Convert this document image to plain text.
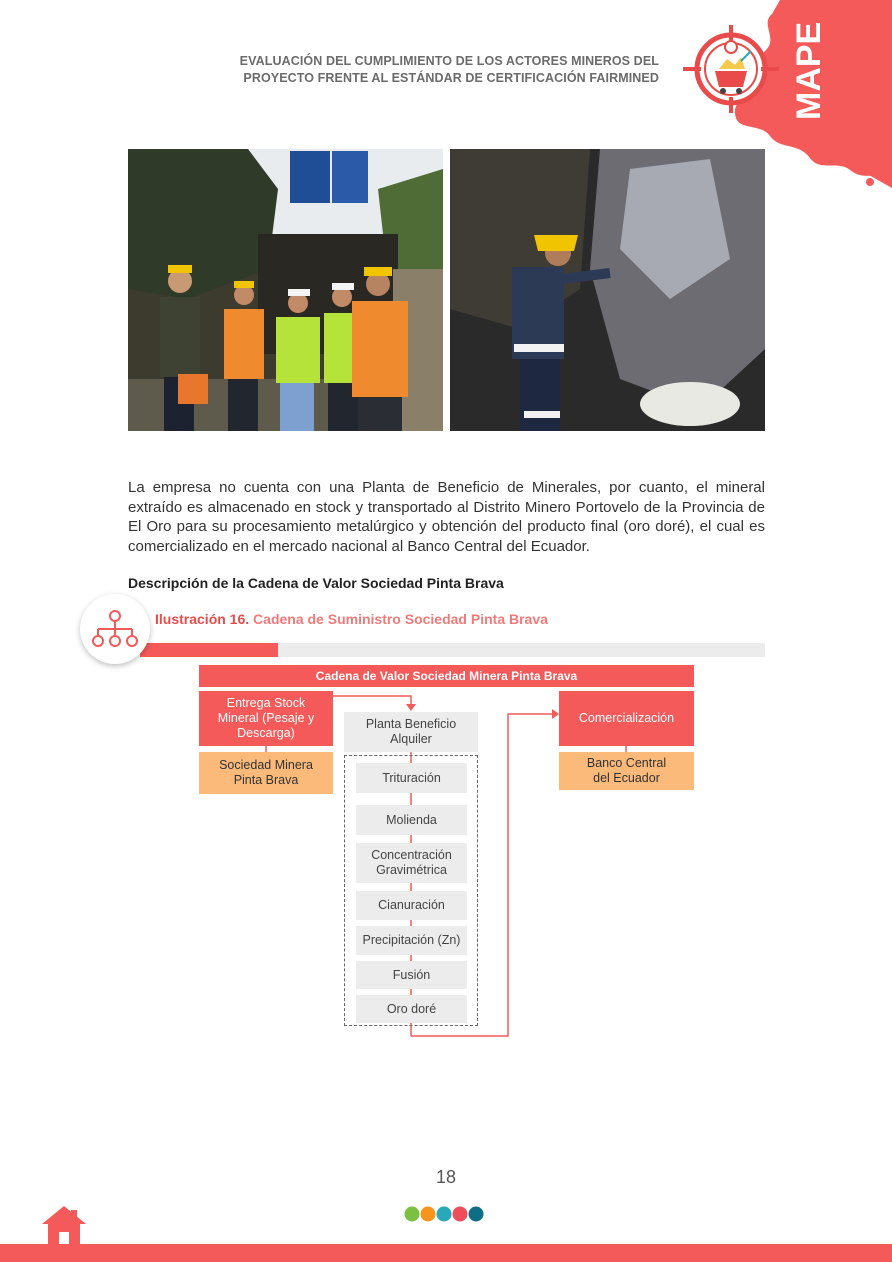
MAPE
EVALUACIÓN DEL CUMPLIMIENTO DE LOS ACTORES MINEROS DEL
PROYECTO FRENTE AL ESTÁNDAR DE CERTIFICACIÓN FAIRMINED
La empresa no cuenta con una Planta de Beneficio de Minerales, por cuanto, el mineral extraído es almacenado en stock y transportado al Distrito Minero Portovelo de la Provincia de El Oro para su procesamiento metalúrgico y obtención del producto final (oro doré), el cual es comercializado en el mercado nacional al Banco Central del Ecuador.
Descripción de la Cadena de Valor Sociedad Pinta Brava
Ilustración 16. Cadena de Suministro Sociedad Pinta Brava
Cadena de Valor Sociedad Minera Pinta Brava
Entrega Stock Mineral (Pesaje y Descarga)
Sociedad Minera Pinta Brava
Planta Beneficio Alquiler
Trituración
Molienda
Concentración Gravimétrica
Cianuración
Precipitación (Zn)
Fusión
Oro doré
Comercialización
Banco Central del Ecuador
18
